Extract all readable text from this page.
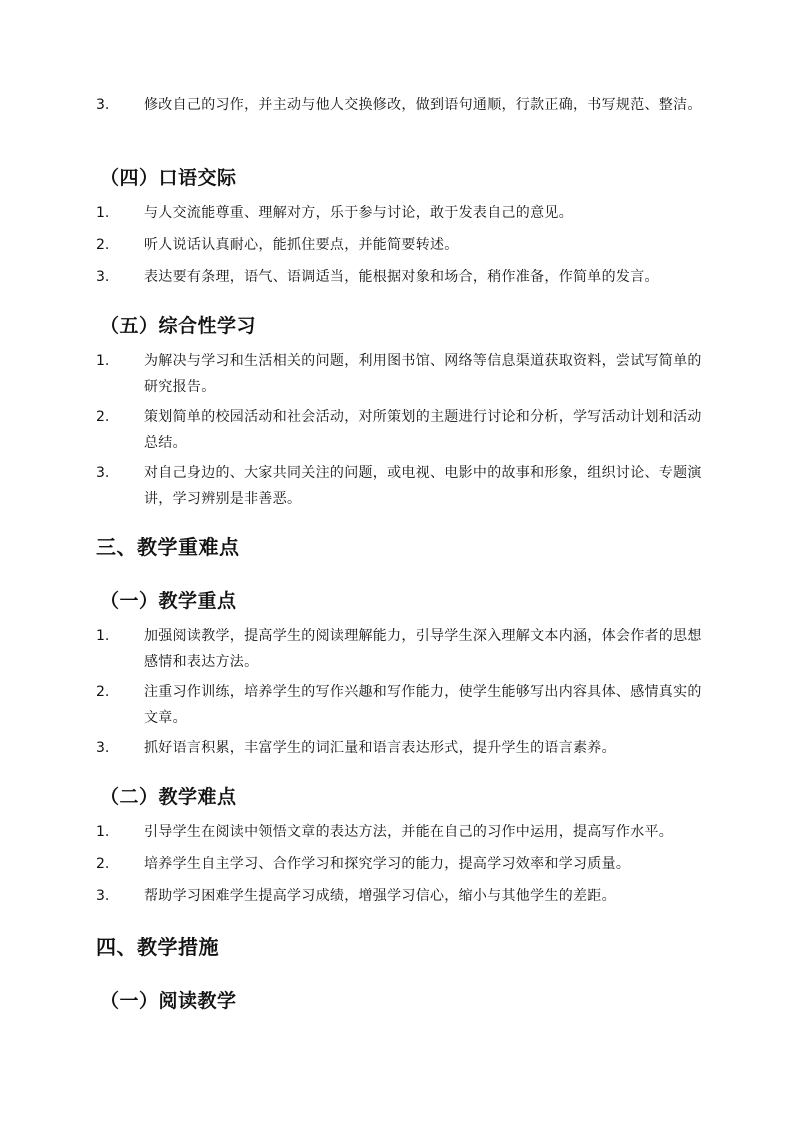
3.	修改自己的习作，并主动与他人交换修改，做到语句通顺，行款正确，书写规范、整洁。
（四）口语交际
1.	与人交流能尊重、理解对方，乐于参与讨论，敢于发表自己的意见。
2.	听人说话认真耐心，能抓住要点，并能简要转述。
3.	表达要有条理，语气、语调适当，能根据对象和场合，稍作准备，作简单的发言。
（五）综合性学习
1.	为解决与学习和生活相关的问题，利用图书馆、网络等信息渠道获取资料，尝试写简单的研究报告。
2.	策划简单的校园活动和社会活动，对所策划的主题进行讨论和分析，学写活动计划和活动总结。
3.	对自己身边的、大家共同关注的问题，或电视、电影中的故事和形象，组织讨论、专题演讲，学习辨别是非善恶。
三、教学重难点
（一）教学重点
1.	加强阅读教学，提高学生的阅读理解能力，引导学生深入理解文本内涵，体会作者的思想感情和表达方法。
2.	注重习作训练，培养学生的写作兴趣和写作能力，使学生能够写出内容具体、感情真实的文章。
3.	抓好语言积累，丰富学生的词汇量和语言表达形式，提升学生的语言素养。
（二）教学难点
1.	引导学生在阅读中领悟文章的表达方法，并能在自己的习作中运用，提高写作水平。
2.	培养学生自主学习、合作学习和探究学习的能力，提高学习效率和学习质量。
3.	帮助学习困难学生提高学习成绩，增强学习信心，缩小与其他学生的差距。
四、教学措施
（一）阅读教学
